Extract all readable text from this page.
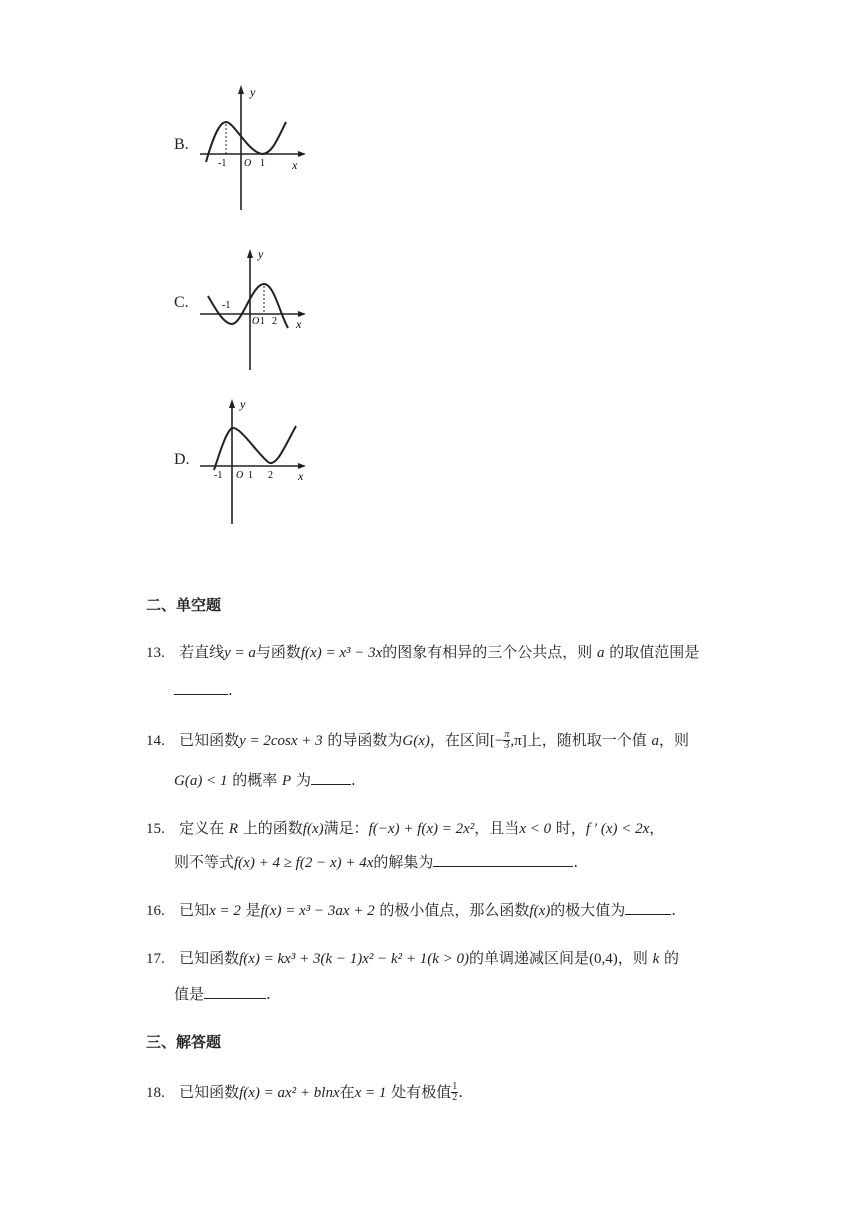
B.
y
x
-1 O 1
C.
y
x
-1
O 1 2
D.
y
x
-1 O 1 2
二、单空题
13. 若直线y = a与函数f(x) = x³ − 3x的图象有相异的三个公共点，则 a 的取值范围是
.
14. 已知函数y = 2cosx + 3 的导函数为G(x)，在区间[− $\frac{\pi}{3} ,\pi$]上，随机取一个值 a，则
G(a) < 1 的概率 P 为	.
15. 定义在 R 上的函数f(x)满足：f(−x) + f(x) = 2x²，且当x < 0 时，f ′ (x) < 2x，
则不等式f(x) + 4 ≥ f(2 − x) + 4x的解集为	.
16. 已知x = 2 是f(x) = x³ − 3ax + 2 的极小值点，那么函数f(x)的极大值为	.
17. 已知函数f(x) = kx³ + 3(k − 1)x² − k² + 1(k > 0)的单调递减区间是(0,4)，则 k 的
值是	.
三、解答题
18. 已知函数f(x) = ax² + blnx在x = 1 处有极值 $\frac{1}{2}$ .
